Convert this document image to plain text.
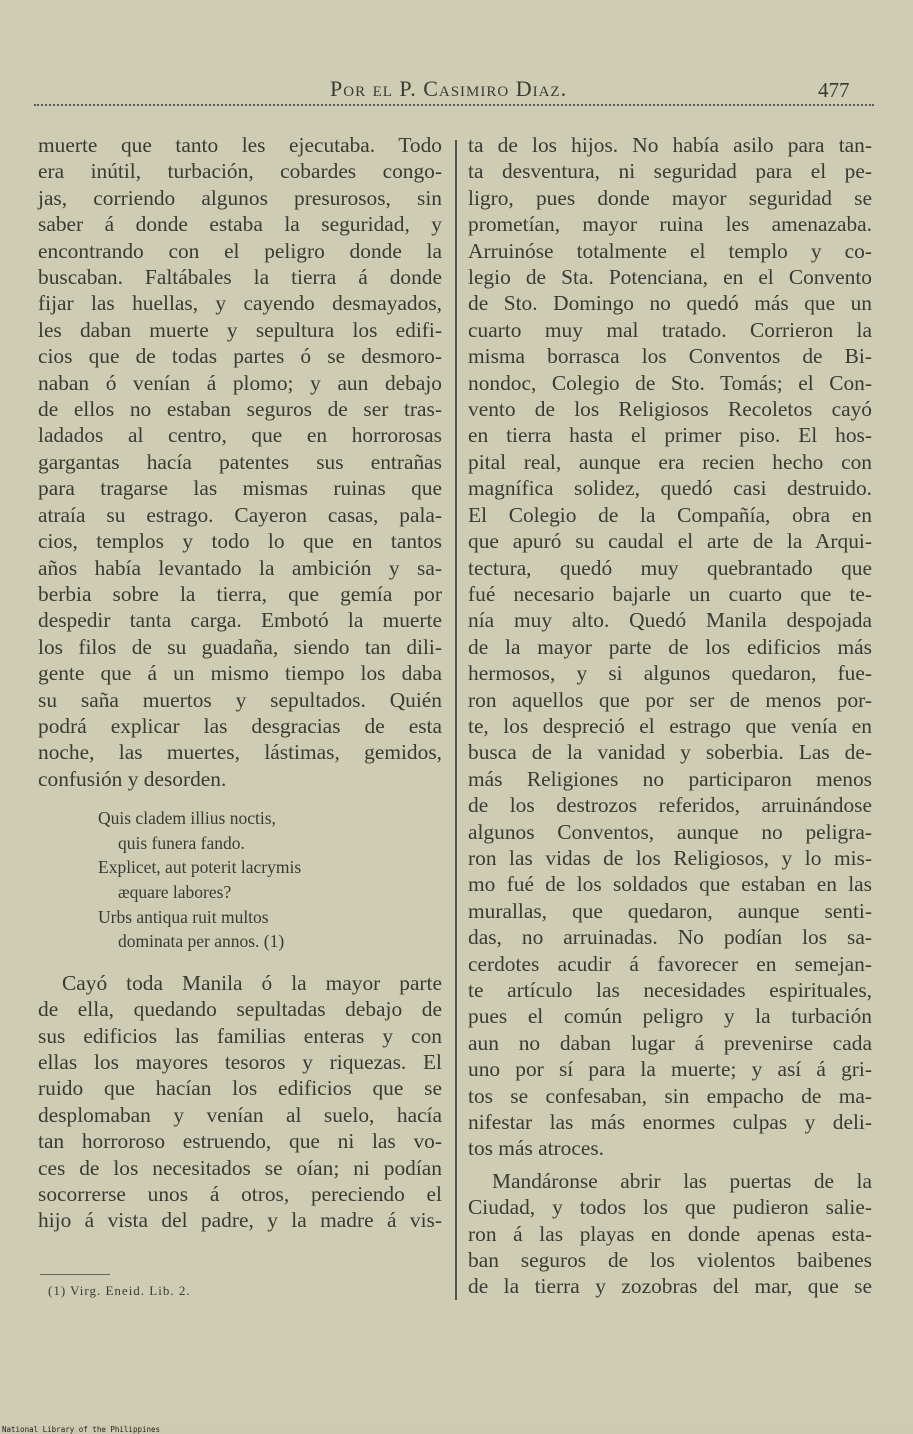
Por el P. Casimiro Diaz.	477
muerte que tanto les ejecutaba. Todo
era inútil, turbación, cobardes congo-
jas, corriendo algunos presurosos, sin
saber á donde estaba la seguridad, y
encontrando con el peligro donde la
buscaban. Faltábales la tierra á donde
fijar las huellas, y cayendo desmayados,
les daban muerte y sepultura los edifi-
cios que de todas partes ó se desmoro-
naban ó venían á plomo; y aun debajo
de ellos no estaban seguros de ser tras-
ladados al centro, que en horrorosas
gargantas hacía patentes sus entrañas
para tragarse las mismas ruinas que
atraía su estrago. Cayeron casas, pala-
cios, templos y todo lo que en tantos
años había levantado la ambición y sa-
berbia sobre la tierra, que gemía por
despedir tanta carga. Embotó la muerte
los filos de su guadaña, siendo tan dili-
gente que á un mismo tiempo los daba
su saña muertos y sepultados. Quién
podrá explicar las desgracias de esta
noche, las muertes, lástimas, gemidos,
confusión y desorden.
Quis cladem illius noctis,
quis funera fando.
Explicet, aut poterit lacrymis
æquare labores?
Urbs antiqua ruit multos
dominata per annos. (1)
Cayó toda Manila ó la mayor parte
de ella, quedando sepultadas debajo de
sus edificios las familias enteras y con
ellas los mayores tesoros y riquezas. El
ruido que hacían los edificios que se
desplomaban y venían al suelo, hacía
tan horroroso estruendo, que ni las vo-
ces de los necesitados se oían; ni podían
socorrerse unos á otros, pereciendo el
hijo á vista del padre, y la madre á vis-
ta de los hijos. No había asilo para tan-
ta desventura, ni seguridad para el pe-
ligro, pues donde mayor seguridad se
prometían, mayor ruina les amenazaba.
Arruinóse totalmente el templo y co-
legio de Sta. Potenciana, en el Convento
de Sto. Domingo no quedó más que un
cuarto muy mal tratado. Corrieron la
misma borrasca los Conventos de Bi-
nondoc, Colegio de Sto. Tomás; el Con-
vento de los Religiosos Recoletos cayó
en tierra hasta el primer piso. El hos-
pital real, aunque era recien hecho con
magnífica solidez, quedó casi destruido.
El Colegio de la Compañía, obra en
que apuró su caudal el arte de la Arqui-
tectura, quedó muy quebrantado que
fué necesario bajarle un cuarto que te-
nía muy alto. Quedó Manila despojada
de la mayor parte de los edificios más
hermosos, y si algunos quedaron, fue-
ron aquellos que por ser de menos por-
te, los despreció el estrago que venía en
busca de la vanidad y soberbia. Las de-
más Religiones no participaron menos
de los destrozos referidos, arruinándose
algunos Conventos, aunque no peligra-
ron las vidas de los Religiosos, y lo mis-
mo fué de los soldados que estaban en las
murallas, que quedaron, aunque senti-
das, no arruinadas. No podían los sa-
cerdotes acudir á favorecer en semejan-
te artículo las necesidades espirituales,
pues el común peligro y la turbación
aun no daban lugar á prevenirse cada
uno por sí para la muerte; y así á gri-
tos se confesaban, sin empacho de ma-
nifestar las más enormes culpas y deli-
tos más atroces.
Mandáronse abrir las puertas de la
Ciudad, y todos los que pudieron salie-
ron á las playas en donde apenas esta-
ban seguros de los violentos baibenes
de la tierra y zozobras del mar, que se
(1) Virg. Eneid. Lib. 2.
National Library of the Philippines
